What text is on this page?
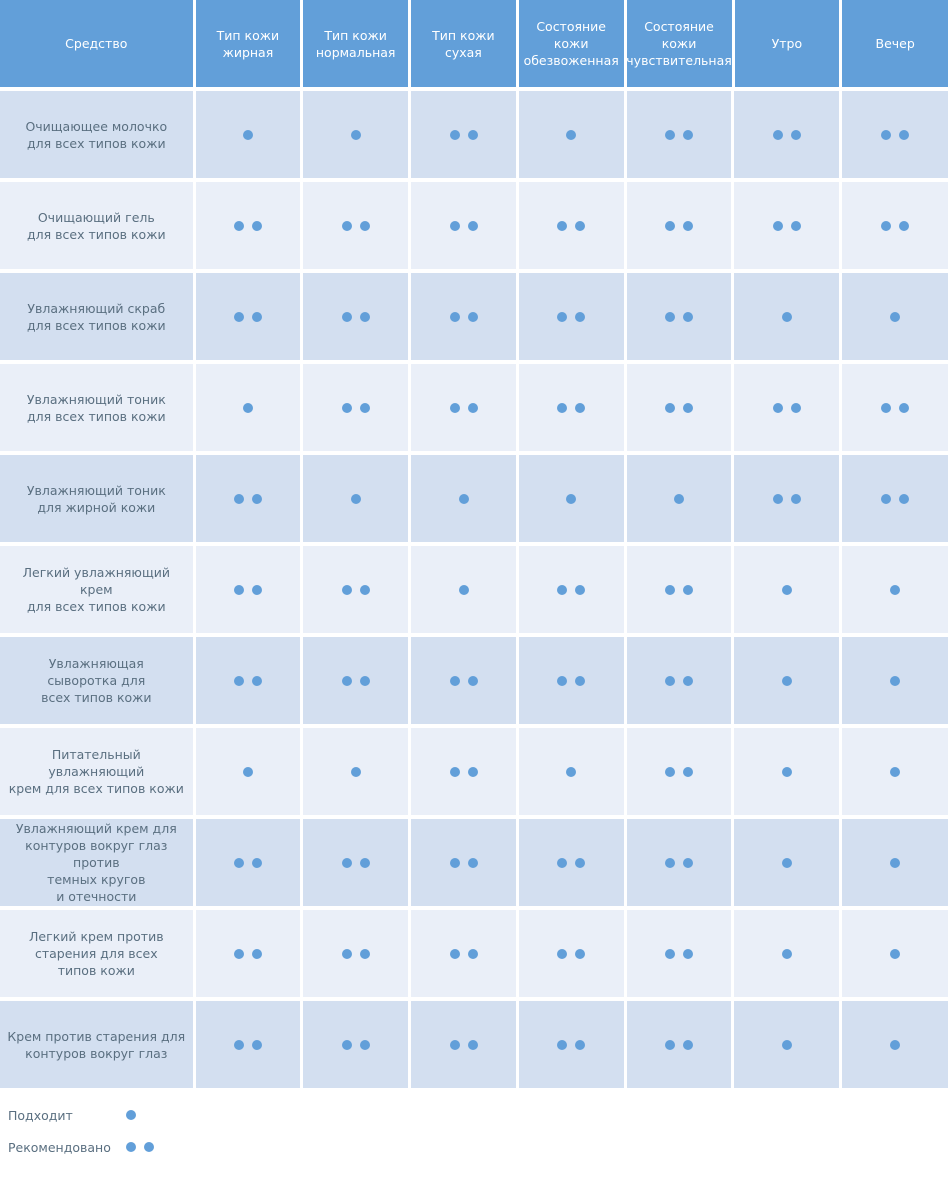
Средство
Тип кожи
жирная
Тип кожи
нормальная
Тип кожи
сухая
Состояние
кожи
обезвоженная
Состояние
кожи
чувствительная
Утро	Вечер
Очищающее молочко
для всех типов кожи
Очищающий гель
для всех типов кожи
Увлажняющий скраб
для всех типов кожи
Увлажняющий тоник
для всех типов кожи
Увлажняющий тоник
для жирной кожи
Легкий увлажняющий крем
для всех типов кожи
Увлажняющая
сыворотка для
всех типов кожи
Питательный увлажняющий
крем для всех типов кожи
Увлажняющий крем для
контуров вокруг глаз против
темных кругов
и отечности
Легкий крем против
старения для всех
типов кожи
Крем против старения для
контуров вокруг глаз
Подходит
Рекомендовано
